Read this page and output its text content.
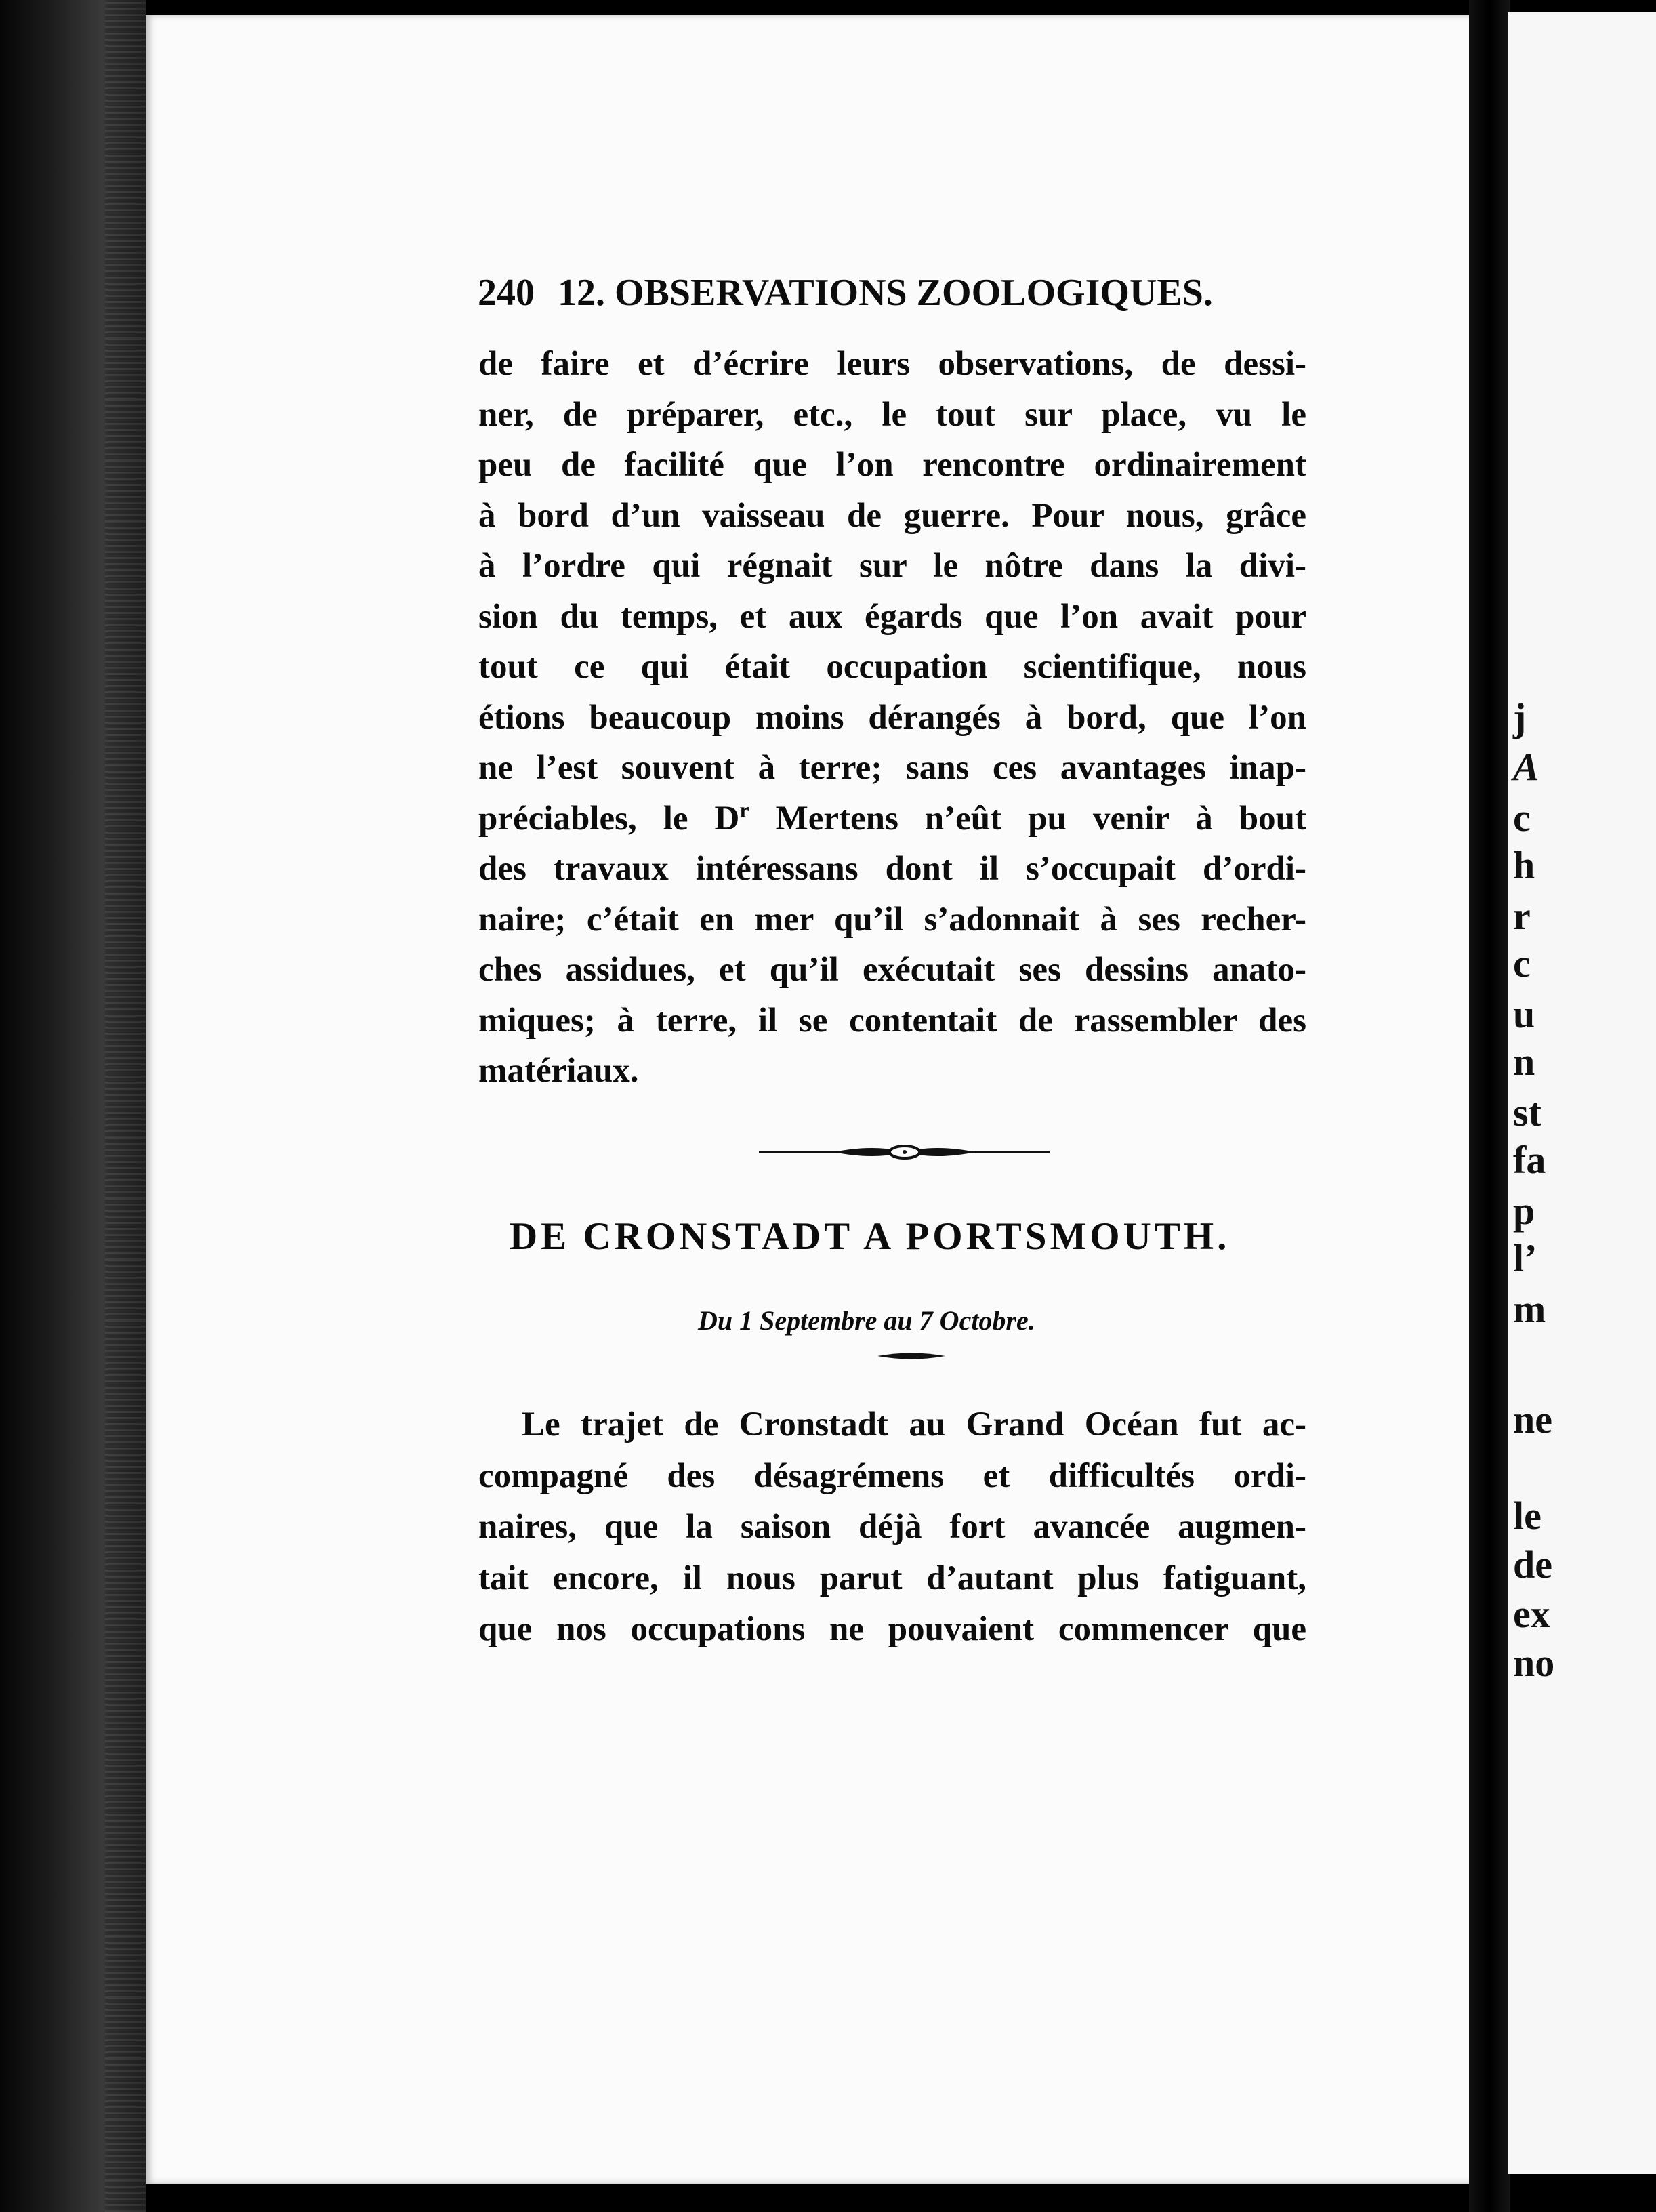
j
A
c
h
r
c
u
n
st
fa
p
l’
m
ne
le
de
ex
no
240 12. OBSERVATIONS ZOOLOGIQUES.
de faire et d’écrire leurs observations, de dessi-
ner, de préparer, etc., le tout sur place, vu le
peu de facilité que l’on rencontre ordinairement
à bord d’un vaisseau de guerre. Pour nous, grâce
à l’ordre qui régnait sur le nôtre dans la divi-
sion du temps, et aux égards que l’on avait pour
tout ce qui était occupation scientifique, nous
étions beaucoup moins dérangés à bord, que l’on
ne l’est souvent à terre; sans ces avantages inap-
préciables, le $D^r$ Mertens n’eût pu venir à bout
des travaux intéressans dont il s’occupait d’ordi-
naire; c’était en mer qu’il s’adonnait à ses recher-
ches assidues, et qu’il exécutait ses dessins anato-
miques; à terre, il se contentait de rassembler des
matériaux.
DE CRONSTADT A PORTSMOUTH.
Du 1 Septembre au 7 Octobre.
Le trajet de Cronstadt au Grand Océan fut ac-
compagné des désagrémens et difficultés ordi-
naires, que la saison déjà fort avancée augmen-
tait encore, il nous parut d’autant plus fatiguant,
que nos occupations ne pouvaient commencer que
